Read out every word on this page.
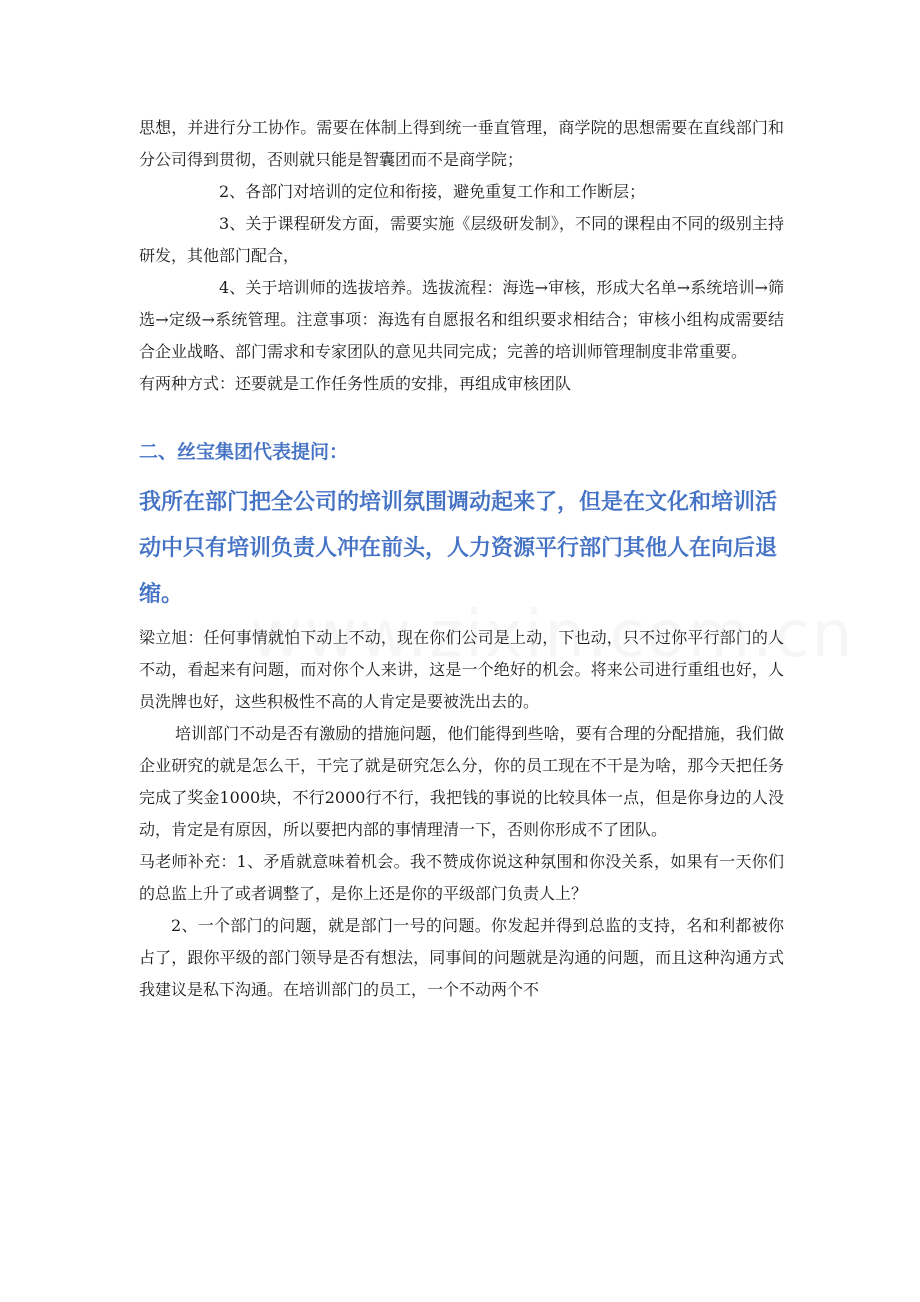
思想，并进行分工协作。需要在体制上得到统一垂直管理，商学院的思想需要在直线部门和分公司得到贯彻，否则就只能是智囊团而不是商学院；

2、各部门对培训的定位和衔接，避免重复工作和工作断层；

3、关于课程研发方面，需要实施《层级研发制》，不同的课程由不同的级别主持研发，其他部门配合，

4、关于培训师的选拔培养。选拔流程：海选→审核，形成大名单→系统培训→筛选→定级→系统管理。注意事项：海选有自愿报名和组织要求相结合；审核小组构成需要结合企业战略、部门需求和专家团队的意见共同完成；完善的培训师管理制度非常重要。

有两种方式：还要就是工作任务性质的安排，再组成审核团队

二、丝宝集团代表提问：

我所在部门把全公司的培训氛围调动起来了，但是在文化和培训活动中只有培训负责人冲在前头，人力资源平行部门其他人在向后退缩。

梁立旭：任何事情就怕下动上不动，现在你们公司是上动，下也动，只不过你平行部门的人不动，看起来有问题，而对你个人来讲，这是一个绝好的机会。将来公司进行重组也好，人员洗牌也好，这些积极性不高的人肯定是要被洗出去的。

培训部门不动是否有激励的措施问题，他们能得到些啥，要有合理的分配措施，我们做企业研究的就是怎么干，干完了就是研究怎么分，你的员工现在不干是为啥，那今天把任务完成了奖金1000块，不行2000行不行，我把钱的事说的比较具体一点，但是你身边的人没动，肯定是有原因，所以要把内部的事情理清一下，否则你形成不了团队。

马老师补充：1、矛盾就意味着机会。我不赞成你说这种氛围和你没关系，如果有一天你们的总监上升了或者调整了，是你上还是你的平级部门负责人上？

2、一个部门的问题，就是部门一号的问题。你发起并得到总监的支持，名和利都被你占了，跟你平级的部门领导是否有想法，同事间的问题就是沟通的问题，而且这种沟通方式我建议是私下沟通。在培训部门的员工，一个不动两个不
